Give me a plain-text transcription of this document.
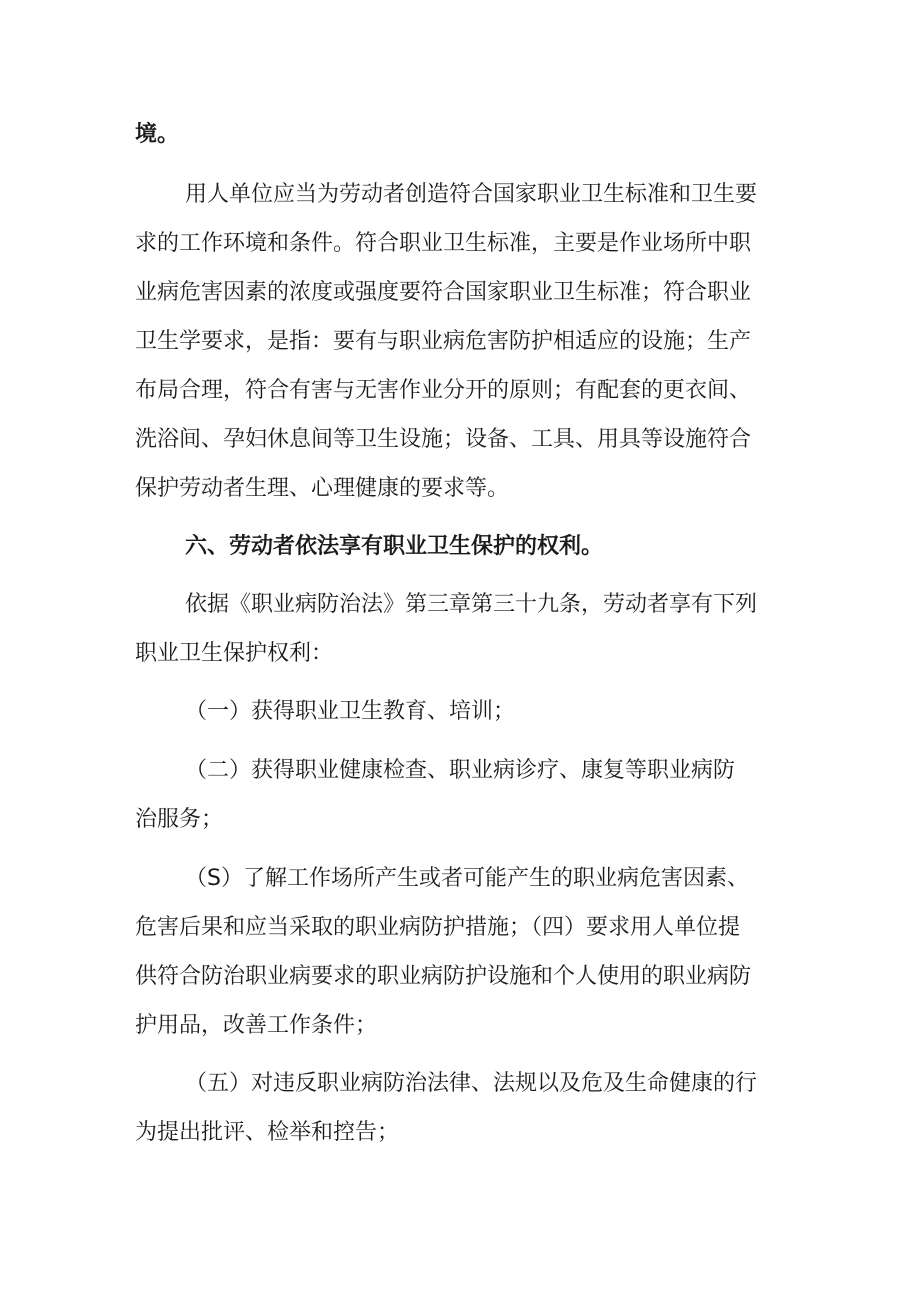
境。

用人单位应当为劳动者创造符合国家职业卫生标准和卫生要

求的工作环境和条件。符合职业卫生标准，主要是作业场所中职

业病危害因素的浓度或强度要符合国家职业卫生标准；符合职业

卫生学要求，是指：要有与职业病危害防护相适应的设施；生产

布局合理，符合有害与无害作业分开的原则；有配套的更衣间、

洗浴间、孕妇休息间等卫生设施；设备、工具、用具等设施符合

保护劳动者生理、心理健康的要求等。

六、劳动者依法享有职业卫生保护的权利。

依据《职业病防治法》第三章第三十九条，劳动者享有下列

职业卫生保护权利：

（一）获得职业卫生教育、培训；

（二）获得职业健康检查、职业病诊疗、康复等职业病防

治服务；

（S）了解工作场所产生或者可能产生的职业病危害因素、

危害后果和应当采取的职业病防护措施；（四）要求用人单位提

供符合防治职业病要求的职业病防护设施和个人使用的职业病防

护用品，改善工作条件；

（五）对违反职业病防治法律、法规以及危及生命健康的行

为提出批评、检举和控告；
